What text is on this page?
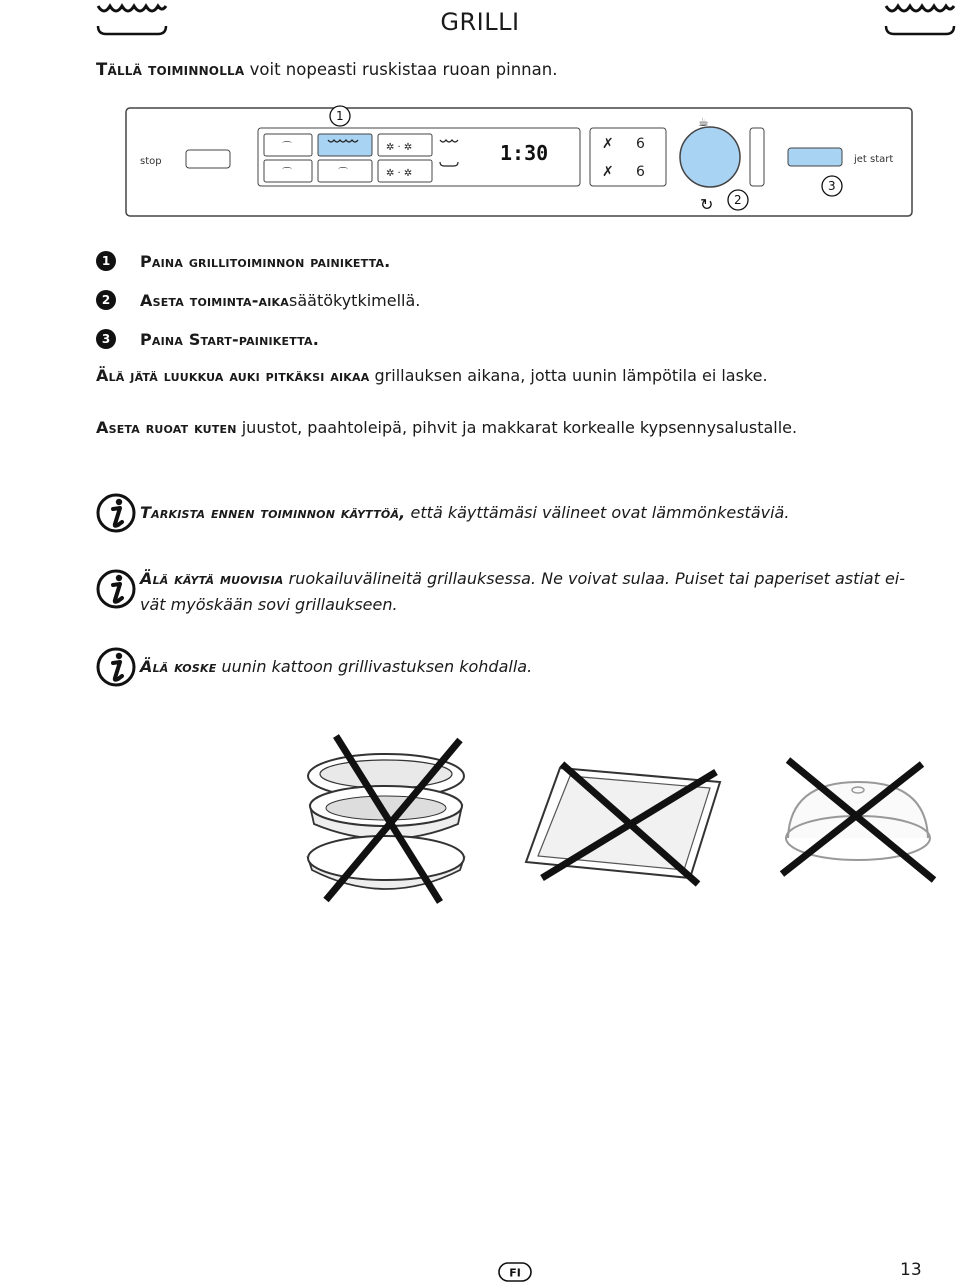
GRILLI
Tällä toiminnolla voit nopeasti ruskistaa ruoan pinnan.
stop
⌒
⌒	⌒
✲ · ✲
✲ · ✲
1:30	✗
✗
6
6
☕
↻
jet start
1
2
3
1	Paina grillitoiminnon painiketta.
2	Aseta toiminta-aika säätökytkimellä.
3	Paina Start-painiketta.
Älä jätä luukkua auki pitkäksi aikaa grillauksen aikana, jotta uunin lämpötila ei laske.
Aseta ruoat kuten juustot, paahtoleipä, pihvit ja makkarat korkealle kypsennysalustalle.
Tarkista ennen toiminnon käyttöä, että käyttämäsi välineet ovat lämmönkestäviä.
Älä käytä muovisia ruokailuvälineitä grillauksessa. Ne voivat sulaa. Puiset tai paperiset astiat ei-
vät myöskään sovi grillaukseen.
Älä koske uunin kattoon grillivastuksen kohdalla.
FI	13
